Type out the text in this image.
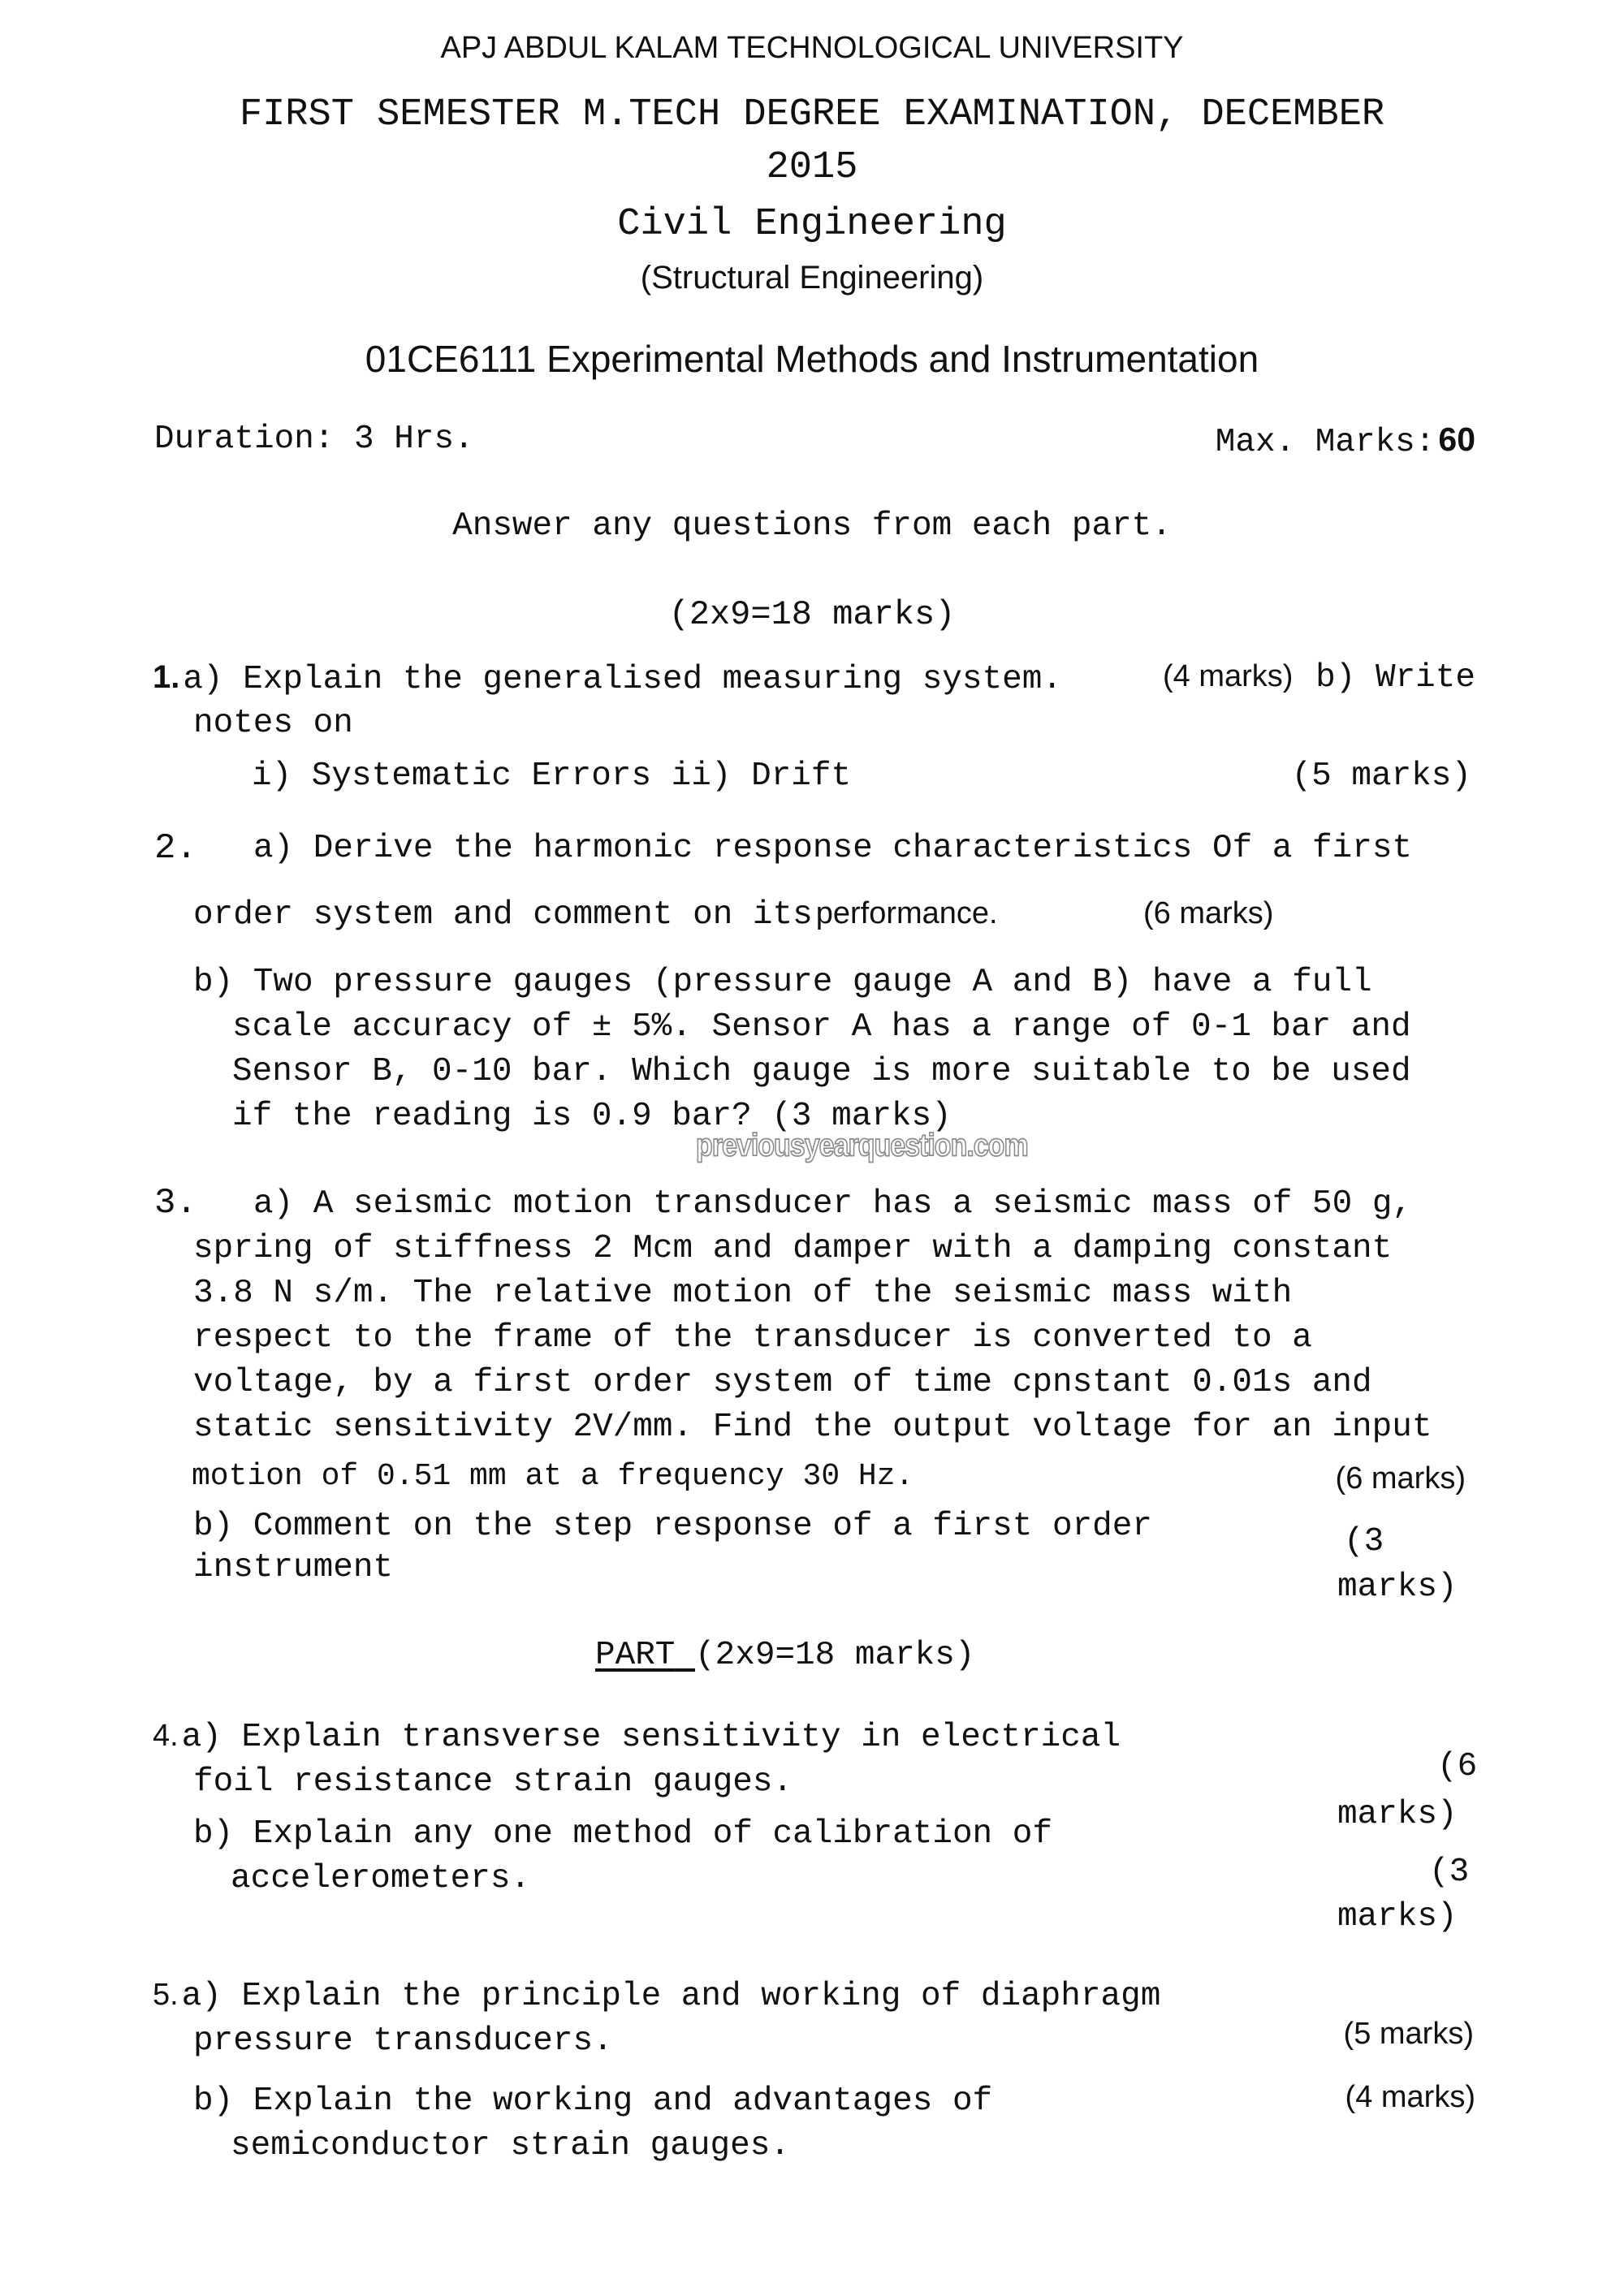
APJ ABDUL KALAM TECHNOLOGICAL UNIVERSITY
FIRST SEMESTER M.TECH DEGREE EXAMINATION, DECEMBER
2015
Civil Engineering
(Structural Engineering)
01CE6111 Experimental Methods and Instrumentation
Duration: 3 Hrs.	Max. Marks: 60
Answer any questions from each part.
(2x9=18 marks)
1. a) Explain the generalised measuring system.	(4 marks) b) Write
notes on
i) Systematic Errors ii) Drift	(5 marks)
2. a) Derive the harmonic response characteristics Of a first
order system and comment on its performance.	(6 marks)
b) Two pressure gauges (pressure gauge A and B) have a full
scale accuracy of ± 5%. Sensor A has a range of 0-1 bar and
Sensor B, 0-10 bar. Which gauge is more suitable to be used
if the reading is 0.9 bar? (3 marks)
previousyearquestion.com
3. a) A seismic motion transducer has a seismic mass of 50 g,
spring of stiffness 2 Mcm and damper with a damping constant
3.8 N s/m. The relative motion of the seismic mass with
respect to the frame of the transducer is converted to a
voltage, by a first order system of time cpnstant 0.01s and
static sensitivity 2V/mm. Find the output voltage for an input
motion of 0.51 mm at a frequency 30 Hz.	(6 marks)
b) Comment on the step response of a first order
instrument
(3
marks)
PART (2x9=18 marks)
4. a) Explain transverse sensitivity in electrical
foil resistance strain gauges.	(6
marks)
b) Explain any one method of calibration of
accelerometers.	(3
marks)
5. a) Explain the principle and working of diaphragm
pressure transducers.	(5 marks)
b) Explain the working and advantages of
semiconductor strain gauges.
(4 marks)
